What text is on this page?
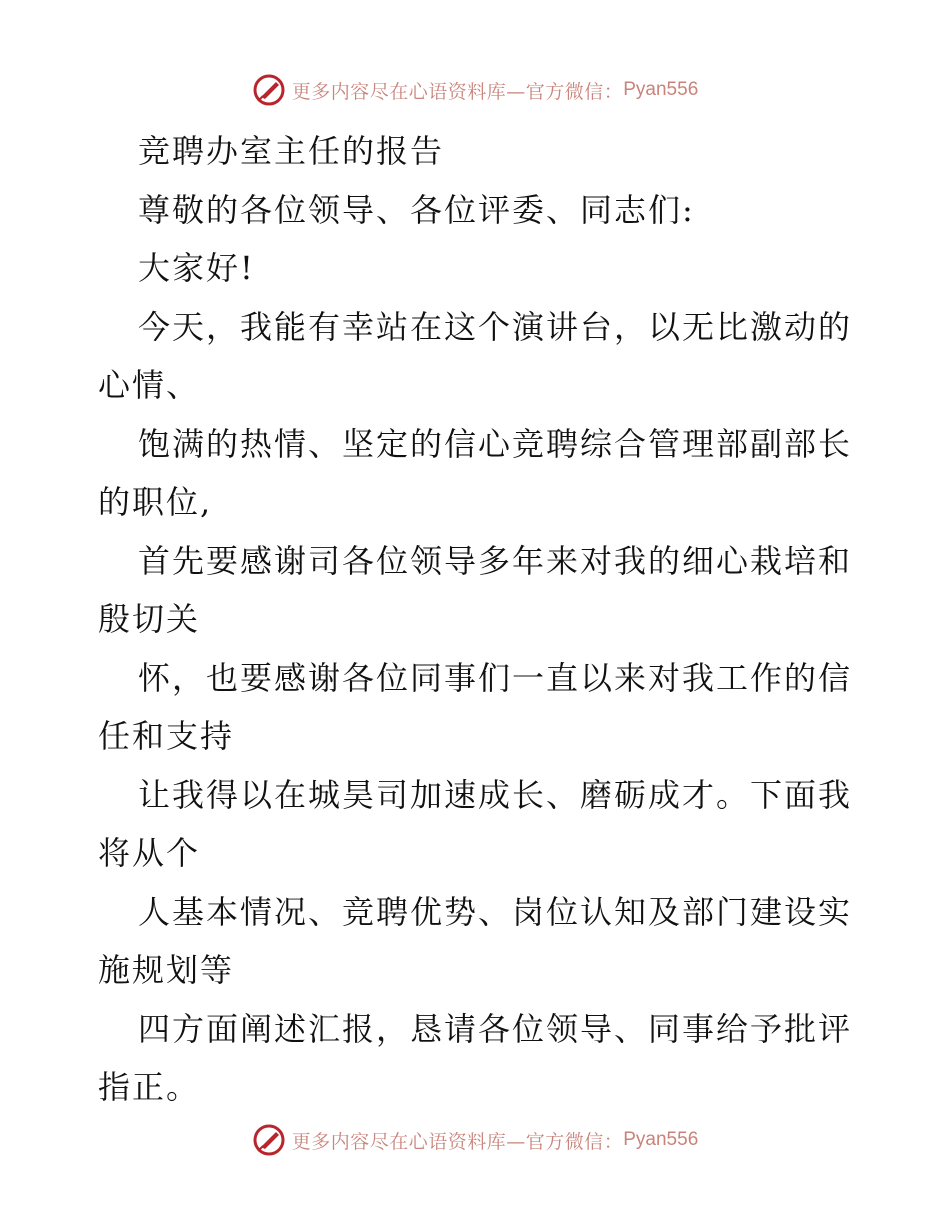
更多内容尽在心语资料库—官方微信： Pyan556

竞聘办室主任的报告

尊敬的各位领导、各位评委、同志们:

大家好!

今天，我能有幸站在这个演讲台，以无比激动的心情、

饱满的热情、坚定的信心竞聘综合管理部副部长的职位,

首先要感谢司各位领导多年来对我的细心栽培和殷切关

怀，也要感谢各位同事们一直以来对我工作的信任和支持

让我得以在城昊司加速成长、磨砺成才。下面我将从个

人基本情况、竞聘优势、岗位认知及部门建设实施规划等

四方面阐述汇报，恳请各位领导、同事给予批评指正。

更多内容尽在心语资料库—官方微信： Pyan556
